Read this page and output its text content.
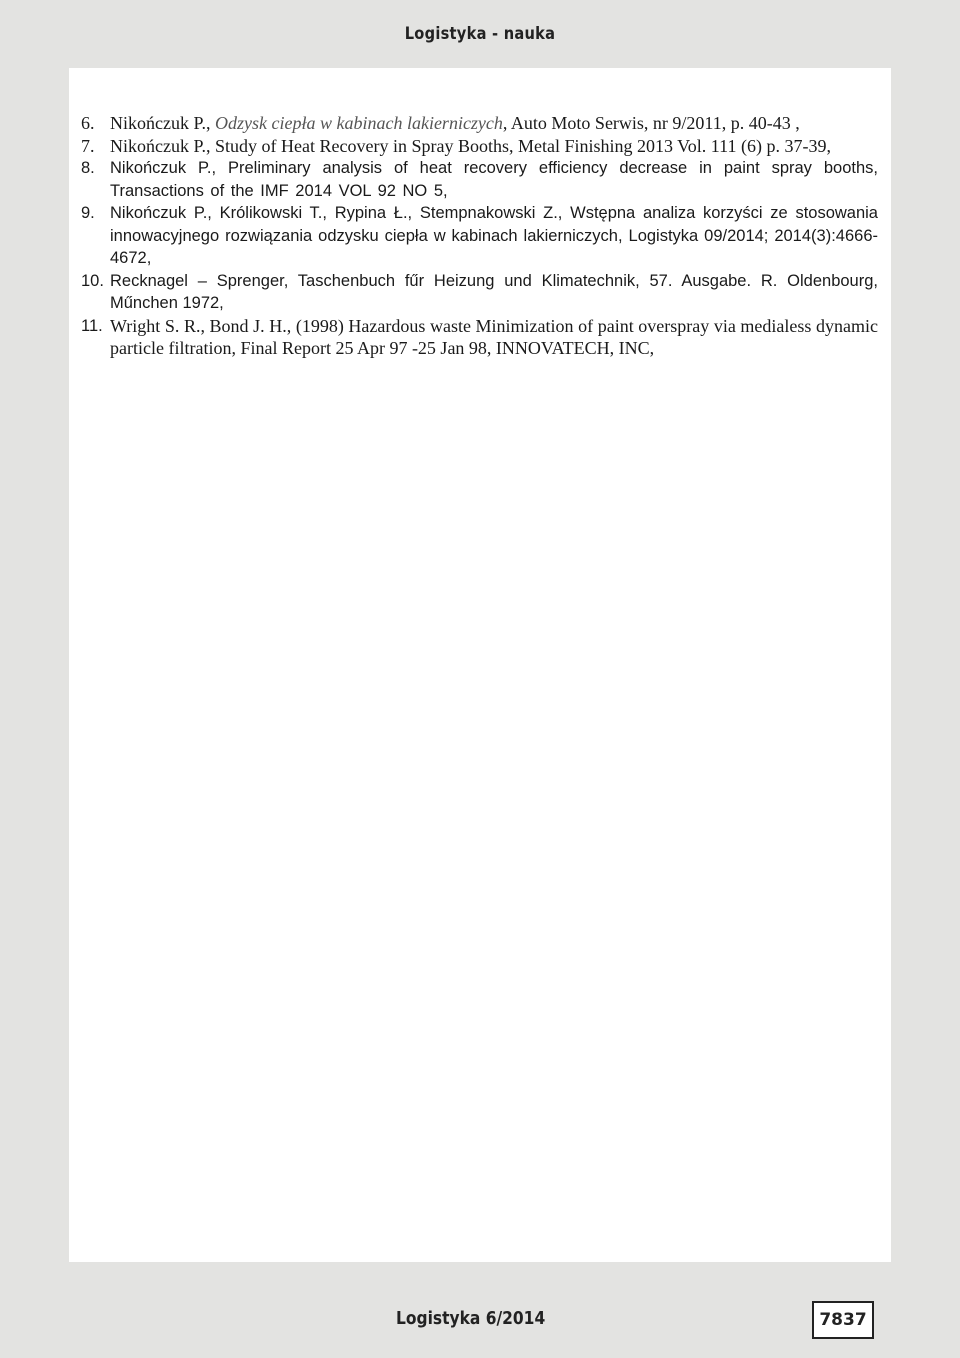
Logistyka - nauka
6. Nikończuk P., Odzysk ciepła w kabinach lakierniczych, Auto Moto Serwis, nr 9/2011, p. 40-43 ,
7. Nikończuk P., Study of Heat Recovery in Spray Booths, Metal Finishing 2013 Vol. 111 (6) p. 37-39,
8. Nikończuk P., Preliminary analysis of heat recovery efficiency decrease in paint spray booths, Transactions of the IMF 2014 VOL 92 NO 5,
9. Nikończuk P., Królikowski T., Rypina Ł., Stempnakowski Z., Wstępna analiza korzyści ze stosowania innowacyjnego rozwiązania odzysku ciepła w kabinach lakierniczych, Logistyka 09/2014; 2014(3):4666-4672,
10. Recknagel – Sprenger, Taschenbuch fűr Heizung und Klimatechnik, 57. Ausgabe. R. Oldenbourg, Műnchen 1972,
11. Wright S. R., Bond J. H., (1998) Hazardous waste Minimization of paint overspray via medialess dynamic particle filtration, Final Report 25 Apr 97 -25 Jan 98, INNOVATECH, INC,
Logistyka 6/2014	7837
